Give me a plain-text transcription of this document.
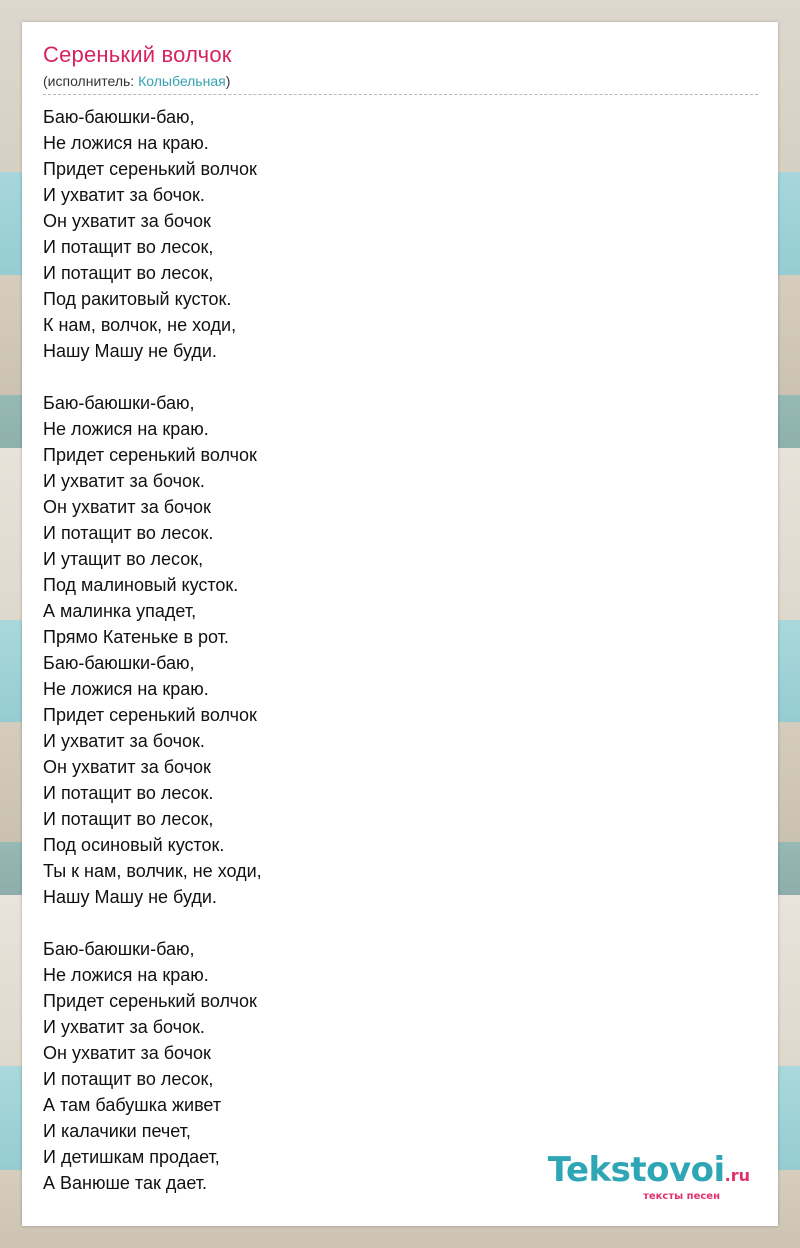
Серенький волчок
(исполнитель: Колыбельная)
Баю-баюшки-баю,
Не ложися на краю.
Придет серенький волчок
И ухватит за бочок.
Он ухватит за бочок
И потащит во лесок,
И потащит во лесок,
Под ракитовый кусток.
К нам, волчок, не ходи,
Нашу Машу не буди.
Баю-баюшки-баю,
Не ложися на краю.
Придет серенький волчок
И ухватит за бочок.
Он ухватит за бочок
И потащит во лесок.
И утащит во лесок,
Под малиновый кусток.
А малинка упадет,
Прямо Катеньке в рот.
Баю-баюшки-баю,
Не ложися на краю.
Придет серенький волчок
И ухватит за бочок.
Он ухватит за бочок
И потащит во лесок.
И потащит во лесок,
Под осиновый кусток.
Ты к нам, волчик, не ходи,
Нашу Машу не буди.
Баю-баюшки-баю,
Не ложися на краю.
Придет серенький волчок
И ухватит за бочок.
Он ухватит за бочок
И потащит во лесок,
А там бабушка живет
И калачики печет,
И детишкам продает,
А Ванюше так дает.	Tekstovoi.ru
тексты песен
